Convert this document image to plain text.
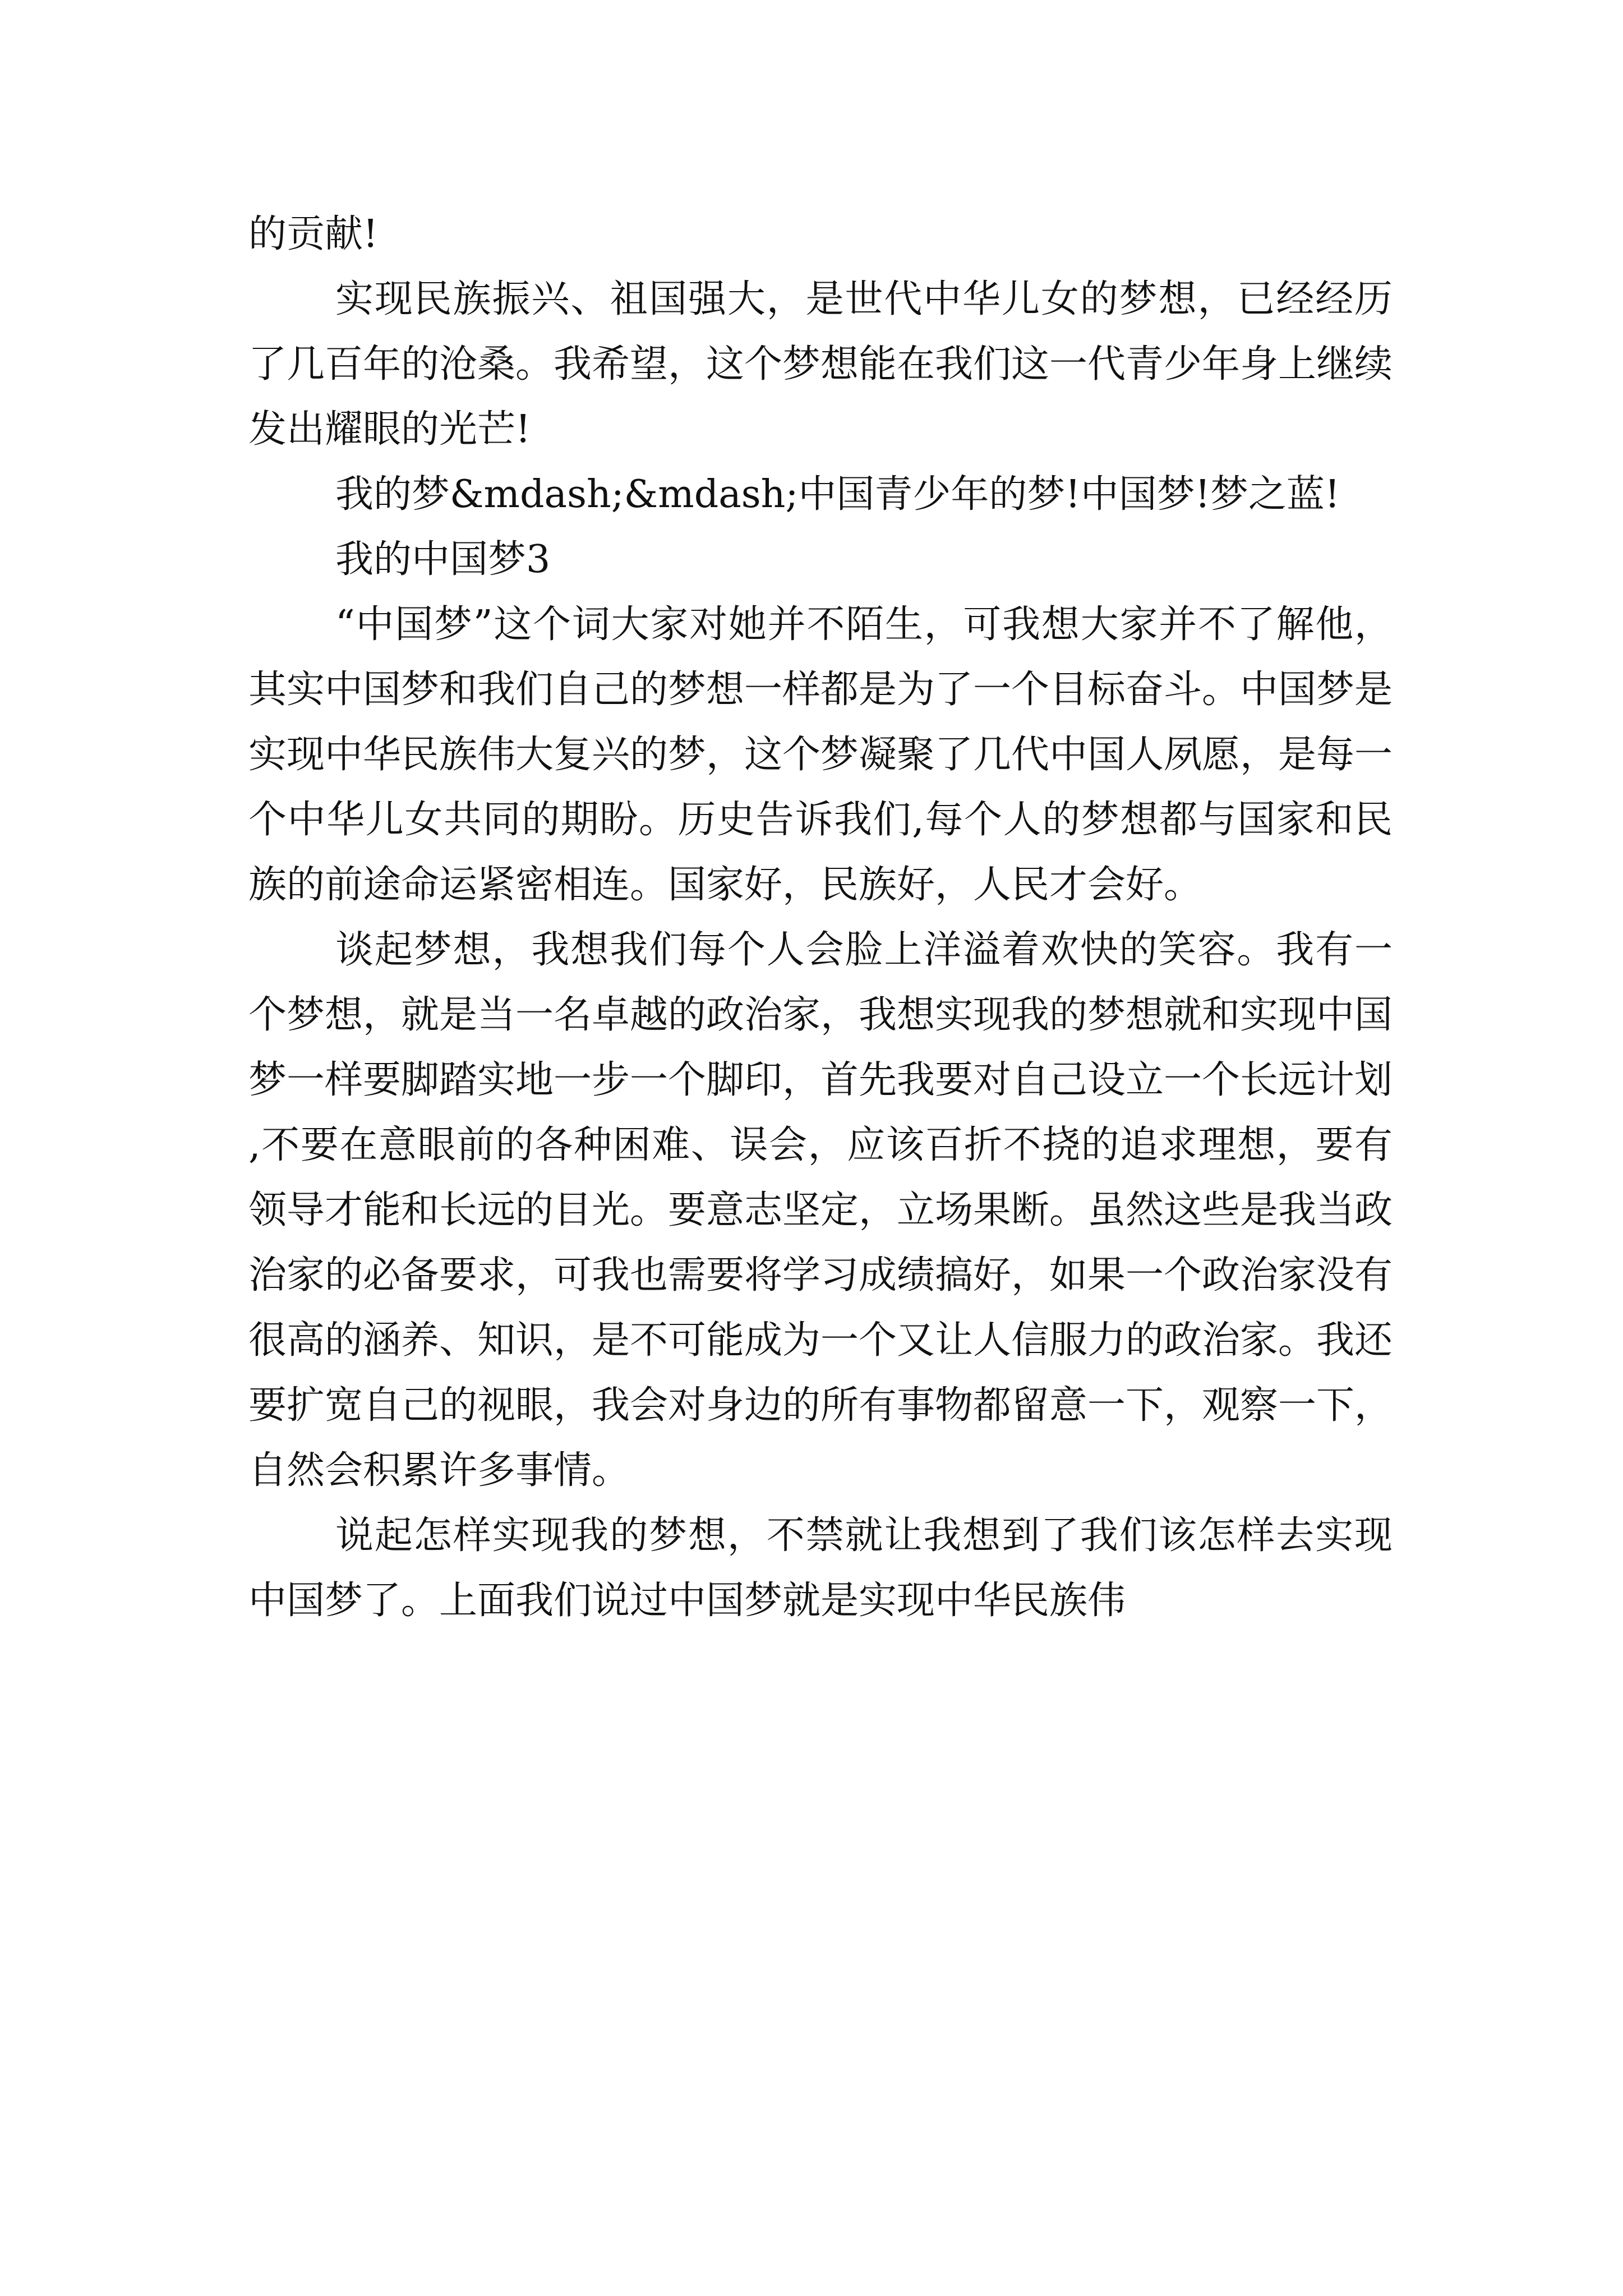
的贡献!

实现民族振兴、祖国强大，是世代中华儿女的梦想，已经经历了几百年的沧桑。我希望，这个梦想能在我们这一代青少年身上继续发出耀眼的光芒!

我的梦&mdash;&mdash;中国青少年的梦!中国梦!梦之蓝!

我的中国梦3

“中国梦”这个词大家对她并不陌生，可我想大家并不了解他，其实中国梦和我们自己的梦想一样都是为了一个目标奋斗。中国梦是实现中华民族伟大复兴的梦，这个梦凝聚了几代中国人夙愿，是每一个中华儿女共同的期盼。历史告诉我们,每个人的梦想都与国家和民族的前途命运紧密相连。国家好，民族好，人民才会好。

谈起梦想，我想我们每个人会脸上洋溢着欢快的笑容。我有一个梦想，就是当一名卓越的政治家，我想实现我的梦想就和实现中国梦一样要脚踏实地一步一个脚印，首先我要对自己设立一个长远计划,不要在意眼前的各种困难、误会，应该百折不挠的追求理想，要有领导才能和长远的目光。要意志坚定，立场果断。虽然这些是我当政治家的必备要求，可我也需要将学习成绩搞好，如果一个政治家没有很高的涵养、知识，是不可能成为一个又让人信服力的政治家。我还要扩宽自己的视眼，我会对身边的所有事物都留意一下，观察一下，自然会积累许多事情。

说起怎样实现我的梦想，不禁就让我想到了我们该怎样去实现中国梦了。上面我们说过中国梦就是实现中华民族伟
